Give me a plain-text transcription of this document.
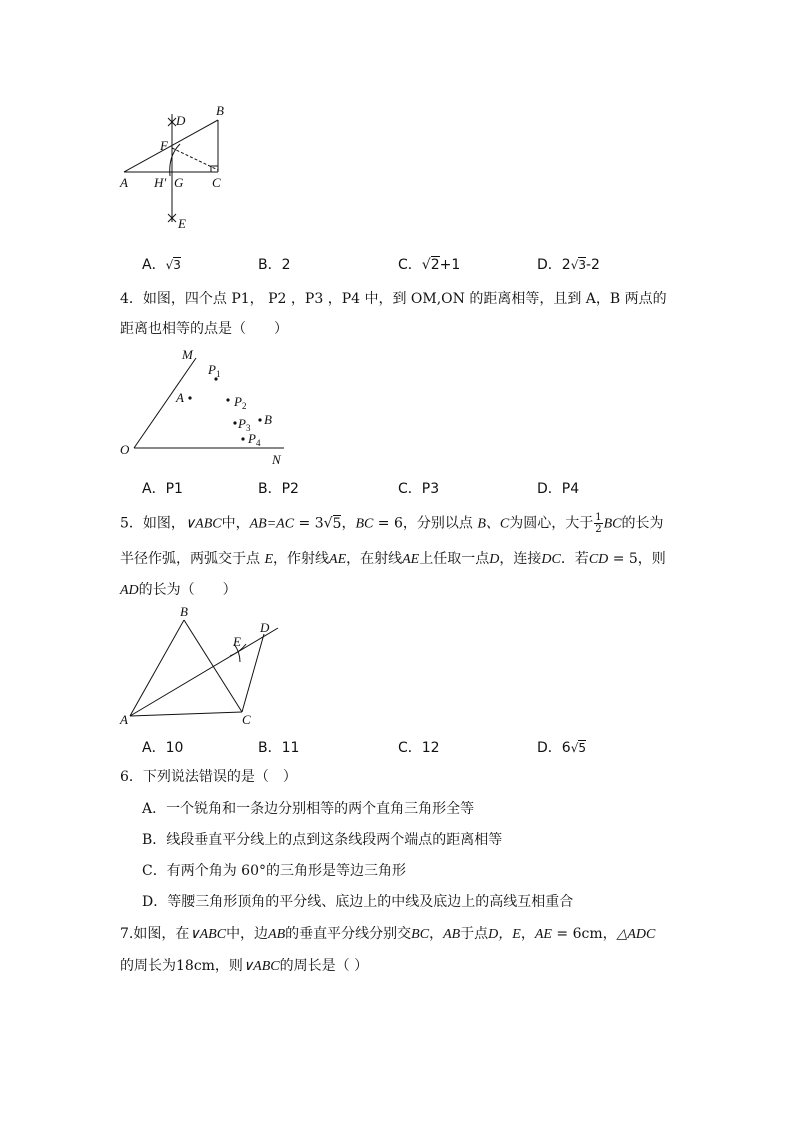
B
D
F
A H' G C
E
A．√3	B．2	C．√2+1	D．2√3-2
4．如图，四个点 P1， P2 ，P3 ，P4 中，到 OM,ON 的距离相等，且到 A，B 两点的
距离也相等的点是（　　）
M
O
N
A
B
$P_1$
$P_2$
$P_3$
$P_4$
A．P1	B．P2	C．P3	D．P4
5．如图，∨ABC中，AB=AC = 3√5，BC = 6，分别以点 B、C为圆心，大于 $\frac{1}{2}$ BC的长为
半径作弧，两弧交于点 E，作射线AE，在射线AE上任取一点D，连接DC．若CD = 5，则
AD的长为（　　）
B
E
D
A	C
A．10	B．11	C．12	D．6√5
6．下列说法错误的是（　）
A．一个锐角和一条边分别相等的两个直角三角形全等
B．线段垂直平分线上的点到这条线段两个端点的距离相等
C．有两个角为 60°的三角形是等边三角形
D．等腰三角形顶角的平分线、底边上的中线及底边上的高线互相重合
7.如图，在∨ABC中，边AB的垂直平分线分别交BC，AB于点D，E，AE = 6cm，△ADC
的周长为18cm，则∨ABC的周长是（ ）
